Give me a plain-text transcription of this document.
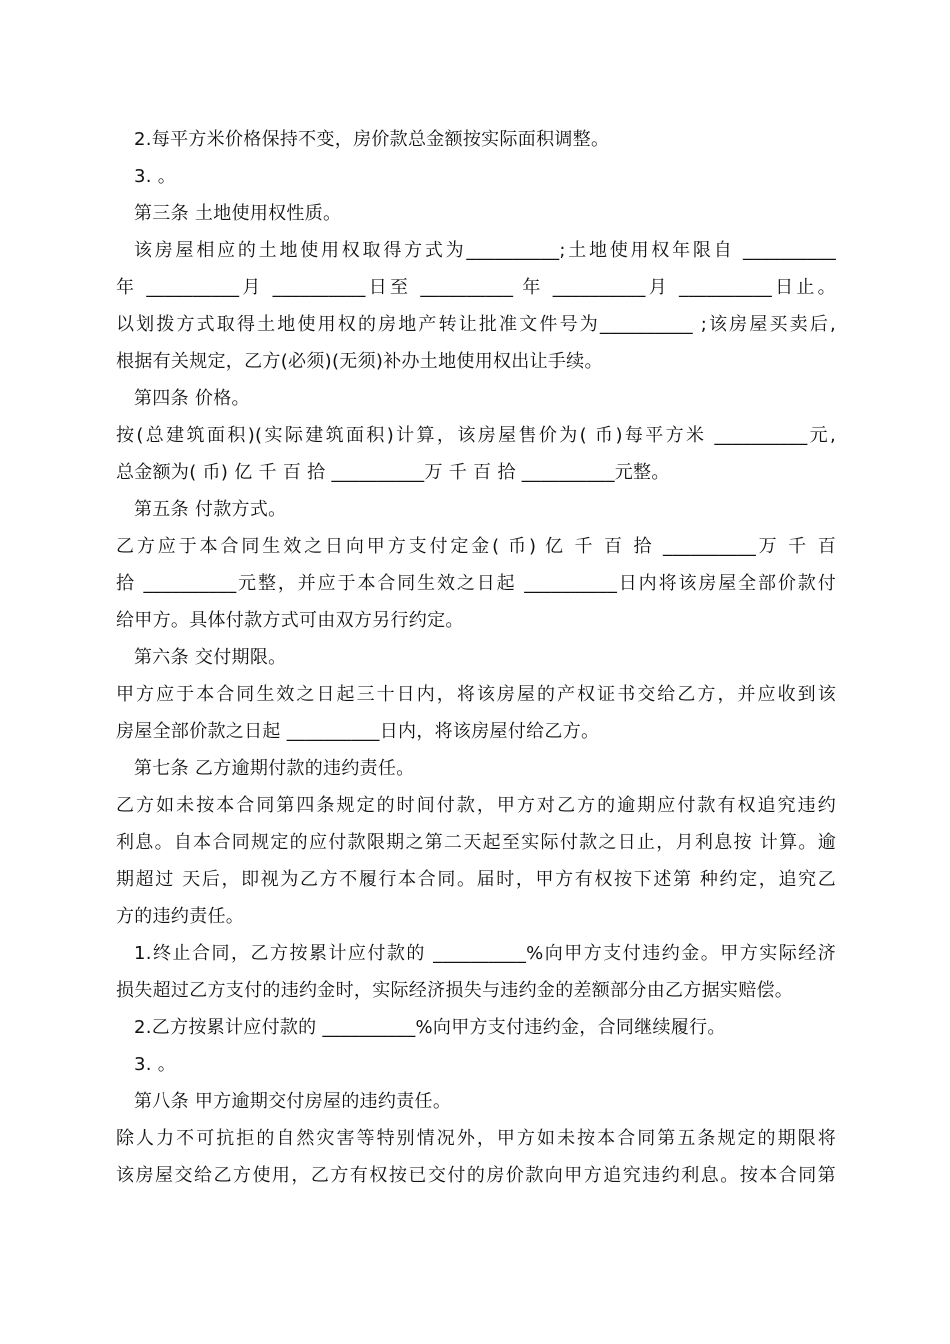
2.每平方米价格保持不变，房价款总金额按实际面积调整。
3. 。
第三条 土地使用权性质。
该房屋相应的土地使用权取得方式为__________;土地使用权年限自 __________
年 __________月 __________日至 __________ 年 __________月 __________日止。
以划拨方式取得土地使用权的房地产转让批准文件号为__________ ;该房屋买卖后,
根据有关规定，乙方(必须)(无须)补办土地使用权出让手续。
第四条 价格。
按(总建筑面积)(实际建筑面积)计算，该房屋售价为( 币)每平方米 __________元,
总金额为( 币) 亿 千 百 拾 __________万 千 百 拾 __________元整。
第五条 付款方式。
乙方应于本合同生效之日向甲方支付定金( 币) 亿 千 百 拾 __________万 千 百
拾 __________元整，并应于本合同生效之日起 __________日内将该房屋全部价款付
给甲方。具体付款方式可由双方另行约定。
第六条 交付期限。
甲方应于本合同生效之日起三十日内，将该房屋的产权证书交给乙方，并应收到该
房屋全部价款之日起 __________日内，将该房屋付给乙方。
第七条 乙方逾期付款的违约责任。
乙方如未按本合同第四条规定的时间付款，甲方对乙方的逾期应付款有权追究违约
利息。自本合同规定的应付款限期之第二天起至实际付款之日止，月利息按 计算。逾
期超过 天后，即视为乙方不履行本合同。届时，甲方有权按下述第 种约定，追究乙
方的违约责任。
1.终止合同，乙方按累计应付款的 __________%向甲方支付违约金。甲方实际经济
损失超过乙方支付的违约金时，实际经济损失与违约金的差额部分由乙方据实赔偿。
2.乙方按累计应付款的 __________%向甲方支付违约金，合同继续履行。
3. 。
第八条 甲方逾期交付房屋的违约责任。
除人力不可抗拒的自然灾害等特别情况外，甲方如未按本合同第五条规定的期限将
该房屋交给乙方使用，乙方有权按已交付的房价款向甲方追究违约利息。按本合同第
